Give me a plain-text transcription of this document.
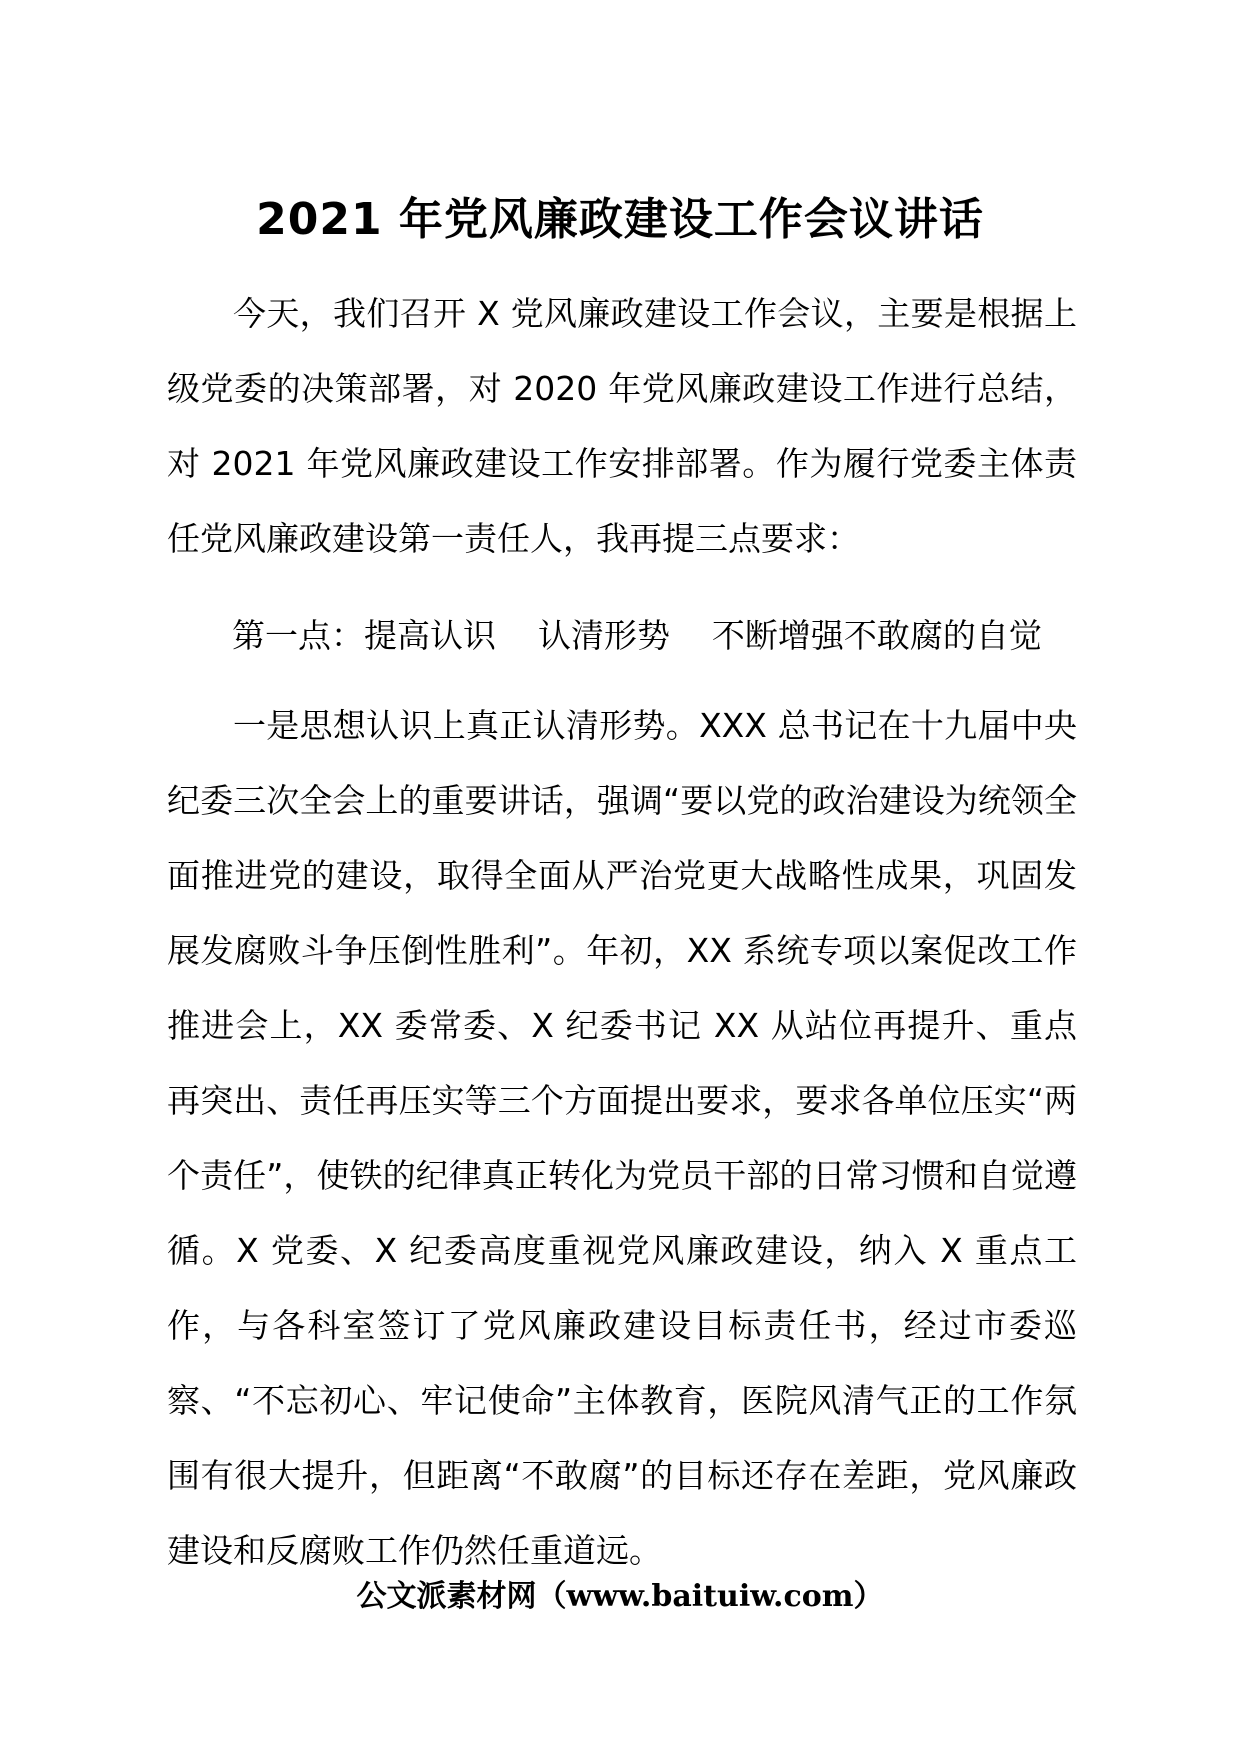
2021 年党风廉政建设工作会议讲话

今天，我们召开 X 党风廉政建设工作会议，主要是根据上级党委的决策部署，对 2020 年党风廉政建设工作进行总结，对 2021 年党风廉政建设工作安排部署。作为履行党委主体责任党风廉政建设第一责任人，我再提三点要求：

第一点：提高认识    认清形势    不断增强不敢腐的自觉

一是思想认识上真正认清形势。XXX 总书记在十九届中央纪委三次全会上的重要讲话，强调“要以党的政治建设为统领全面推进党的建设，取得全面从严治党更大战略性成果，巩固发展发腐败斗争压倒性胜利”。年初，XX 系统专项以案促改工作推进会上，XX 委常委、X 纪委书记 XX 从站位再提升、重点再突出、责任再压实等三个方面提出要求，要求各单位压实“两个责任”，使铁的纪律真正转化为党员干部的日常习惯和自觉遵循。X 党委、X 纪委高度重视党风廉政建设，纳入 X 重点工作，与各科室签订了党风廉政建设目标责任书，经过市委巡察、“不忘初心、牢记使命”主体教育，医院风清气正的工作氛围有很大提升，但距离“不敢腐”的目标还存在差距，党风廉政建设和反腐败工作仍然任重道远。

公文派素材网（www.baituiw.com）
